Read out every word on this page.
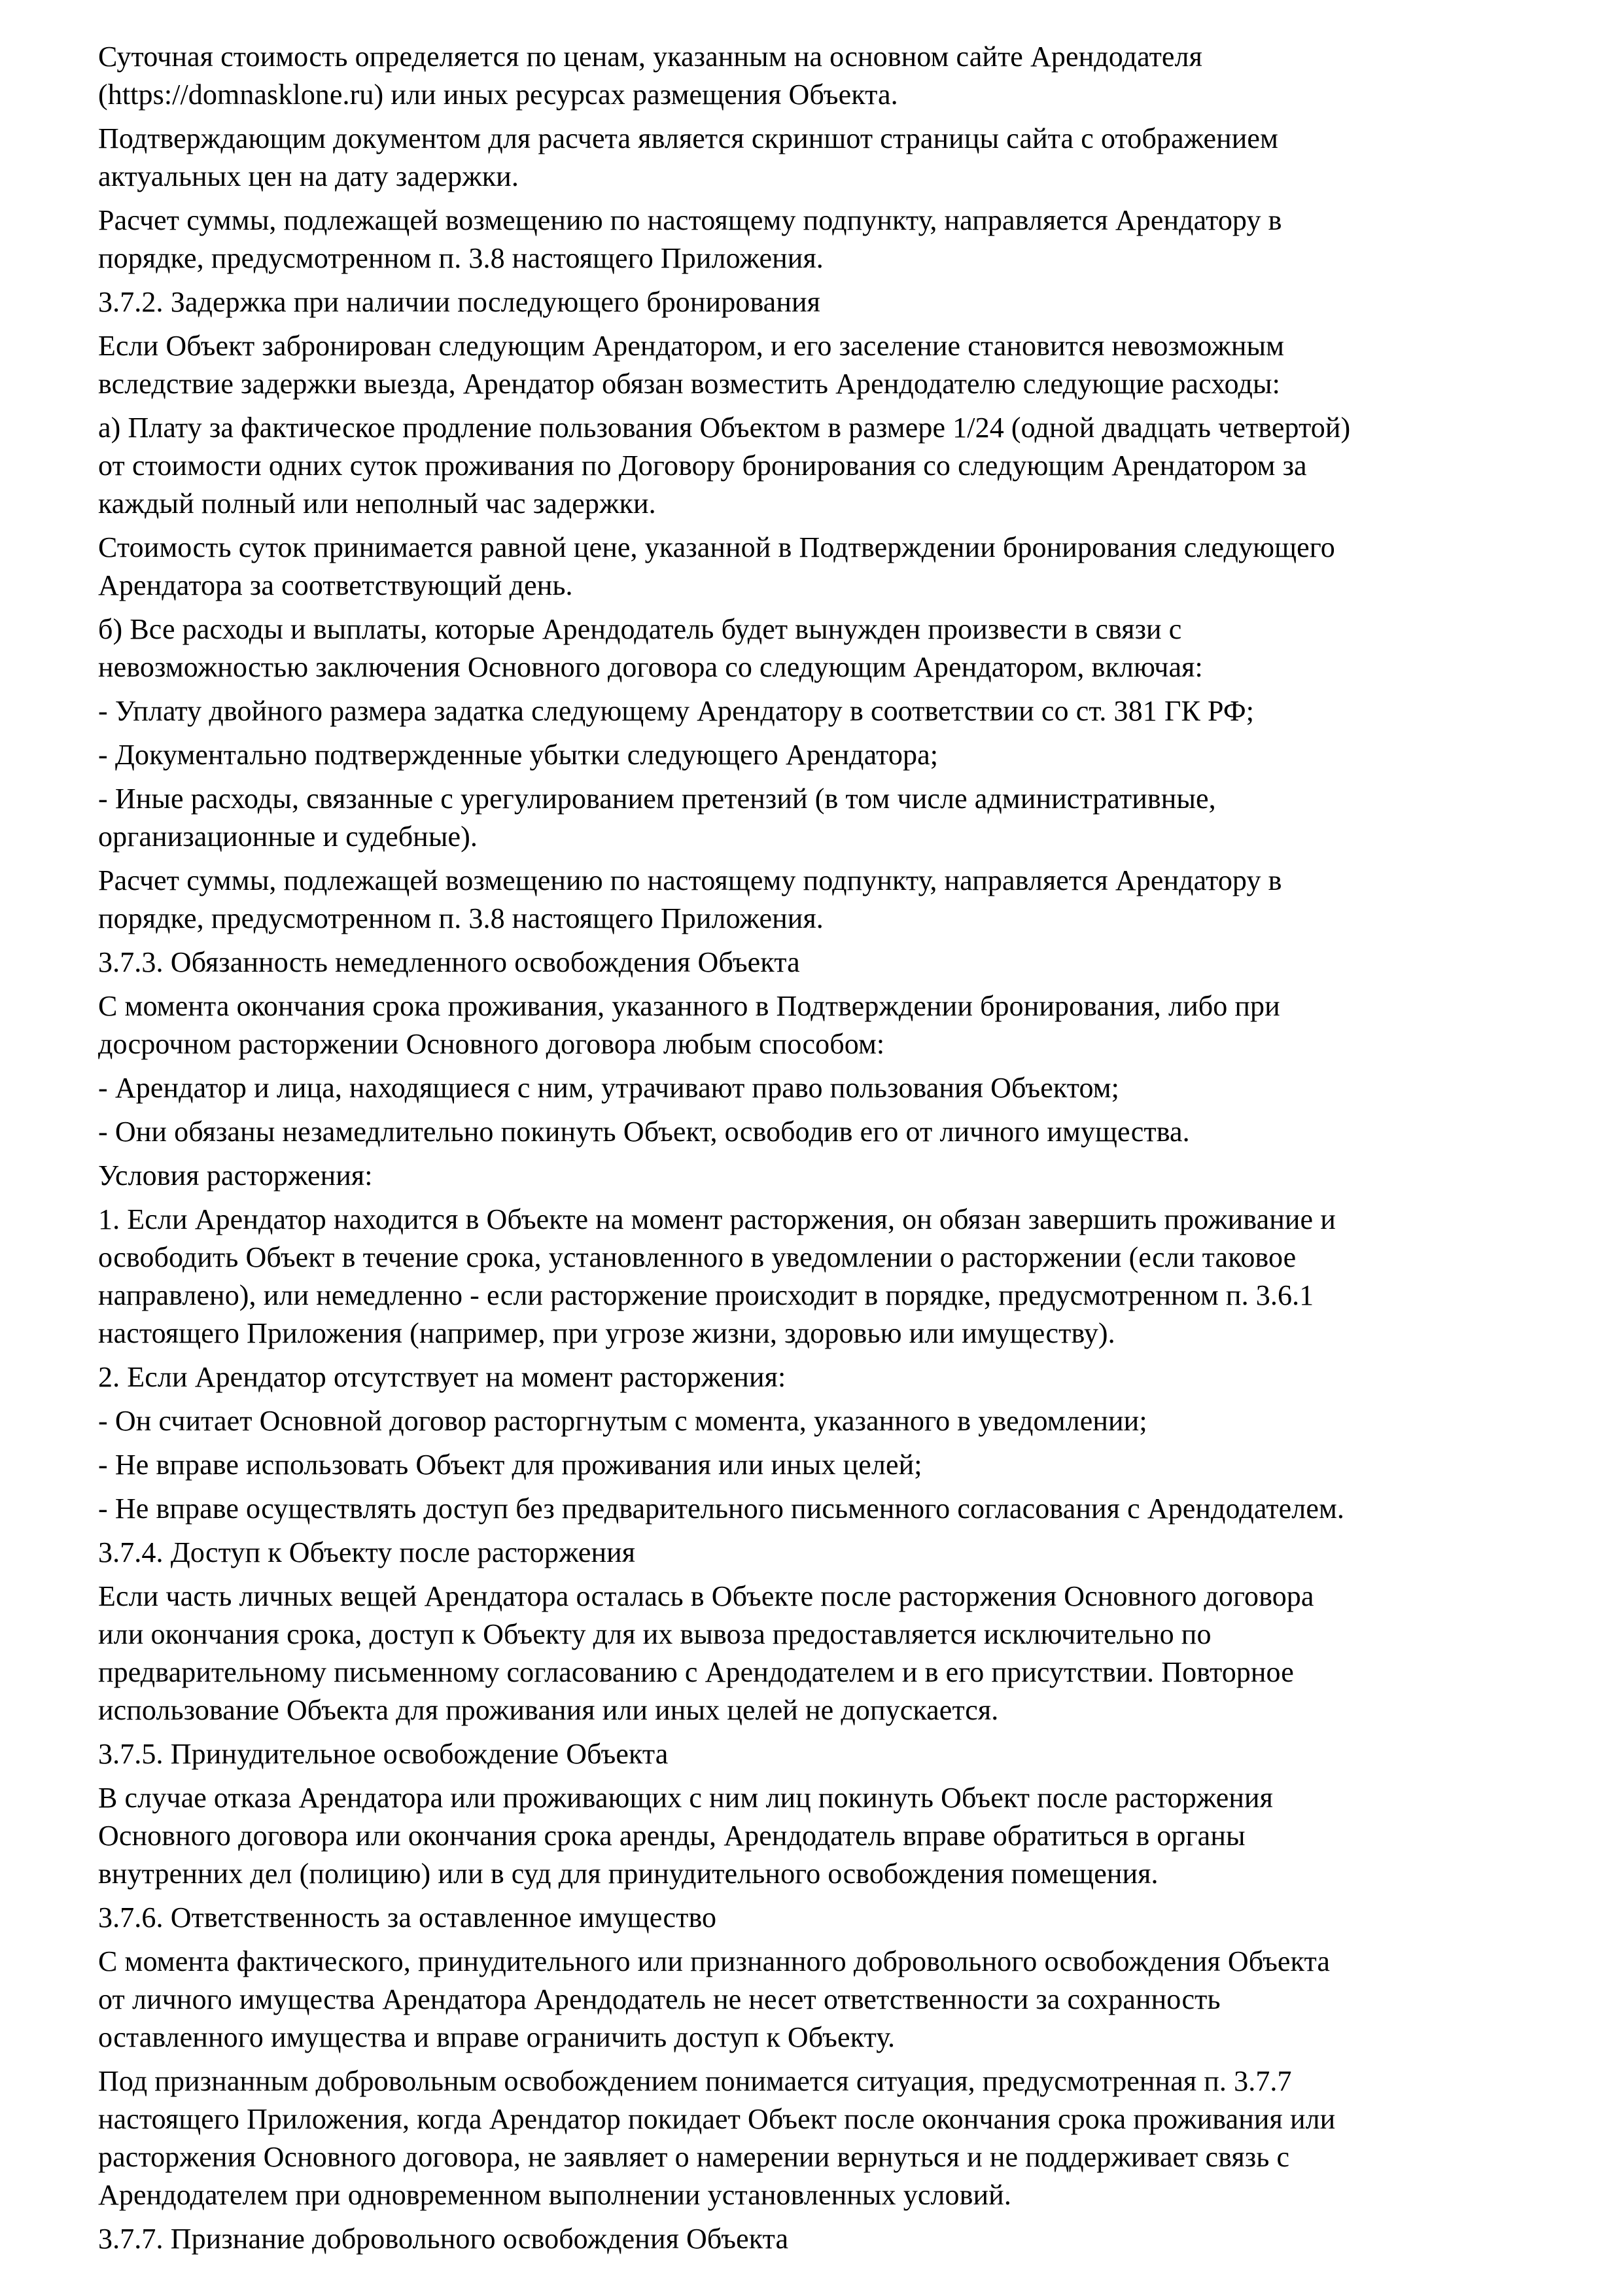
Суточная стоимость определяется по ценам, указанным на основном сайте Арендодателя
(https://domnasklone.ru) или иных ресурсах размещения Объекта.
Подтверждающим документом для расчета является скриншот страницы сайта с отображением
актуальных цен на дату задержки.
Расчет суммы, подлежащей возмещению по настоящему подпункту, направляется Арендатору в
порядке, предусмотренном п. 3.8 настоящего Приложения.
3.7.2. Задержка при наличии последующего бронирования
Если Объект забронирован следующим Арендатором, и его заселение становится невозможным
вследствие задержки выезда, Арендатор обязан возместить Арендодателю следующие расходы:
а) Плату за фактическое продление пользования Объектом в размере 1/24 (одной двадцать четвертой)
от стоимости одних суток проживания по Договору бронирования со следующим Арендатором за
каждый полный или неполный час задержки.
Стоимость суток принимается равной цене, указанной в Подтверждении бронирования следующего
Арендатора за соответствующий день.
б) Все расходы и выплаты, которые Арендодатель будет вынужден произвести в связи с
невозможностью заключения Основного договора со следующим Арендатором, включая:
- Уплату двойного размера задатка следующему Арендатору в соответствии со ст. 381 ГК РФ;
- Документально подтвержденные убытки следующего Арендатора;
- Иные расходы, связанные с урегулированием претензий (в том числе административные,
организационные и судебные).
Расчет суммы, подлежащей возмещению по настоящему подпункту, направляется Арендатору в
порядке, предусмотренном п. 3.8 настоящего Приложения.
3.7.3. Обязанность немедленного освобождения Объекта
С момента окончания срока проживания, указанного в Подтверждении бронирования, либо при
досрочном расторжении Основного договора любым способом:
- Арендатор и лица, находящиеся с ним, утрачивают право пользования Объектом;
- Они обязаны незамедлительно покинуть Объект, освободив его от личного имущества.
Условия расторжения:
1. Если Арендатор находится в Объекте на момент расторжения, он обязан завершить проживание и
освободить Объект в течение срока, установленного в уведомлении о расторжении (если таковое
направлено), или немедленно - если расторжение происходит в порядке, предусмотренном п. 3.6.1
настоящего Приложения (например, при угрозе жизни, здоровью или имуществу).
2. Если Арендатор отсутствует на момент расторжения:
- Он считает Основной договор расторгнутым с момента, указанного в уведомлении;
- Не вправе использовать Объект для проживания или иных целей;
- Не вправе осуществлять доступ без предварительного письменного согласования с Арендодателем.
3.7.4. Доступ к Объекту после расторжения
Если часть личных вещей Арендатора осталась в Объекте после расторжения Основного договора
или окончания срока, доступ к Объекту для их вывоза предоставляется исключительно по
предварительному письменному согласованию с Арендодателем и в его присутствии. Повторное
использование Объекта для проживания или иных целей не допускается.
3.7.5. Принудительное освобождение Объекта
В случае отказа Арендатора или проживающих с ним лиц покинуть Объект после расторжения
Основного договора или окончания срока аренды, Арендодатель вправе обратиться в органы
внутренних дел (полицию) или в суд для принудительного освобождения помещения.
3.7.6. Ответственность за оставленное имущество
С момента фактического, принудительного или признанного добровольного освобождения Объекта
от личного имущества Арендатора Арендодатель не несет ответственности за сохранность
оставленного имущества и вправе ограничить доступ к Объекту.
Под признанным добровольным освобождением понимается ситуация, предусмотренная п. 3.7.7
настоящего Приложения, когда Арендатор покидает Объект после окончания срока проживания или
расторжения Основного договора, не заявляет о намерении вернуться и не поддерживает связь с
Арендодателем при одновременном выполнении установленных условий.
3.7.7. Признание добровольного освобождения Объекта
